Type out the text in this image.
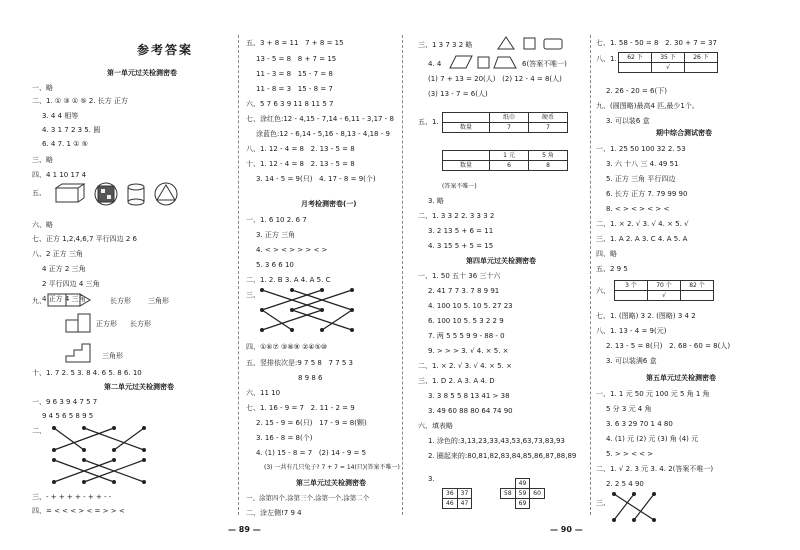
参考答案
第一单元过关检测密卷
一、略
二、1. ① ③ ① ⑤ 2. 长方 正方
3. 4 4 相等
4. 3 1 7 2 3 5. 圆
6. 4 7. 1 ① ⑤
三、略
四、4 1 10 17 4
五、
六、略
七、正方 1,2,4,6,7 平行四边 2 6
八、2 正方 三角
4 正方 2 三角
2 平行四边 4 三角
4 正方 4 三角
九、	长方形 三角形
正方形 长方形
三角形
十、1. 7 2. 5 3. 8 4. 6 5. 8 6. 10
第二单元过关检测密卷
一、9 6 3 9 4 7 5 7
9 4 5 6 5 8 9 5
二、
三、- + + + + - + + - -
四、= < < < > < = > > <
五、3 + 8 = 11   7 + 8 = 15
13 - 5 = 8   8 + 7 = 15
11 - 3 = 8   15 - 7 = 8
11 - 8 = 3   15 - 8 = 7
六、5 7 6 3 9 11 8 11 5 7
七、涂红色:12 - 4,15 - 7,14 - 6,11 - 3,17 - 8
涂蓝色:12 - 6,14 - 5,16 - 8,13 - 4,18 - 9
八、1. 12 - 4 = 8   2. 13 - 5 = 8
十、1. 12 - 4 = 8   2. 13 - 5 = 8
3. 14 - 5 = 9(只)   4. 17 - 8 = 9(个)
月考检测密卷(一)
一、1. 6 10 2. 6 7
3. 正方 三角
4. < > < > > > < >
5. 3 6 6 10
二、1. 2. B 3. A 4. A 5. C
三、
四、①⑥⑦ ③⑧⑨ ②④⑤⑩
五、竖排依次是:9 7 5 8   7 7 5 3
8 9 8 6
六、11 10
七、1. 16 - 9 = 7   2. 11 - 2 = 9
2. 15 - 9 = 6(只)   17 - 9 = 8(颗)
3. 16 - 8 = 8(个)
4. (1) 15 - 8 = 7   (2) 14 - 9 = 5
(3) 一共有几只兔子? 7 + 7 = 14(只)(答案不唯一)
第三单元过关检测密卷
一、涂第四个,涂第三个,涂第一个,涂第二个
二、涂左侧!7 9 4
— 89 —
三、1 3 7 3 2 略
4. 4	6(答案不唯一)
(1) 7 + 13 = 20(人)   (2) 12 - 4 = 8(人)
(3) 13 - 7 = 6(人)
五、1.
	纸巾	硬币
数量	7	7
	1 元	5 角
数量	6	8
(答案不唯一)
3. 略
二、1. 3 3 2 2. 3 3 3 2
3. 2 13 5 + 6 = 11
4. 3 15 5 + 5 = 15
第四单元过关检测密卷
一、1. 50 五十 36 三十六
2. 41 7 7 3. 7 8 9 91
4. 100 10 5. 10 5. 27 23
6. 100 10 5. 5 3 2 2 9
7. 两 5 5 5 9 9 - 88 - 0
9. > > > 3. √ 4. × 5. ×
二、1. × 2. √ 3. √ 4. × 5. ×
三、1. D 2. A 3. A 4. D
3. 3 8 5 5 8 13 41 > 38
3. 49 60 88 80 64 74 90
六、填表略
1. 涂色的:3,13,23,33,43,53,63,73,83,93
2. 圈起来的:80,81,82,83,84,85,86,87,88,89
3.
36	37
46	47
	49	
58	59	60
	69	
七、1. 58 - 50 = 8   2. 30 + 7 = 37
八、1. 62 下	35 下	26 下
	√	
2. 26 - 20 = 6(下)
九、(圆图略)最高4 匹,最少1个。
3. 可以装6 盒
期中综合测试密卷
一、1. 25 50 100 32 2. 53
3. 六 十八 三 4. 49 51
5. 正方 三角 平行四边
6. 长方 正方 7. 79 99 90
8. < > < > < > <
二、1. × 2. √ 3. √ 4. × 5. √
三、1. A 2. A 3. C 4. A 5. A
四、略
五、2 9 5
六、
3 个	70 个	82 个
	√	
七、1. (图略) 3 2. (图略) 3 4 2
八、1. 13 - 4 = 9(元)
2. 13 - 5 = 8(只)   2. 68 - 60 = 8(人)
3. 可以装满6 盒
第五单元过关检测密卷
一、1. 1 元 50 元 100 元 5 角 1 角
5 分 3 元 4 角
3. 6 3 29 70 1 4 80
4. (1) 元 (2) 元 (3) 角 (4) 元
5. > > < < >
二、1. √ 2. 3 元 3. 4. 2(答案不唯一)
2. 2 5 4 90
三、
— 90 —
